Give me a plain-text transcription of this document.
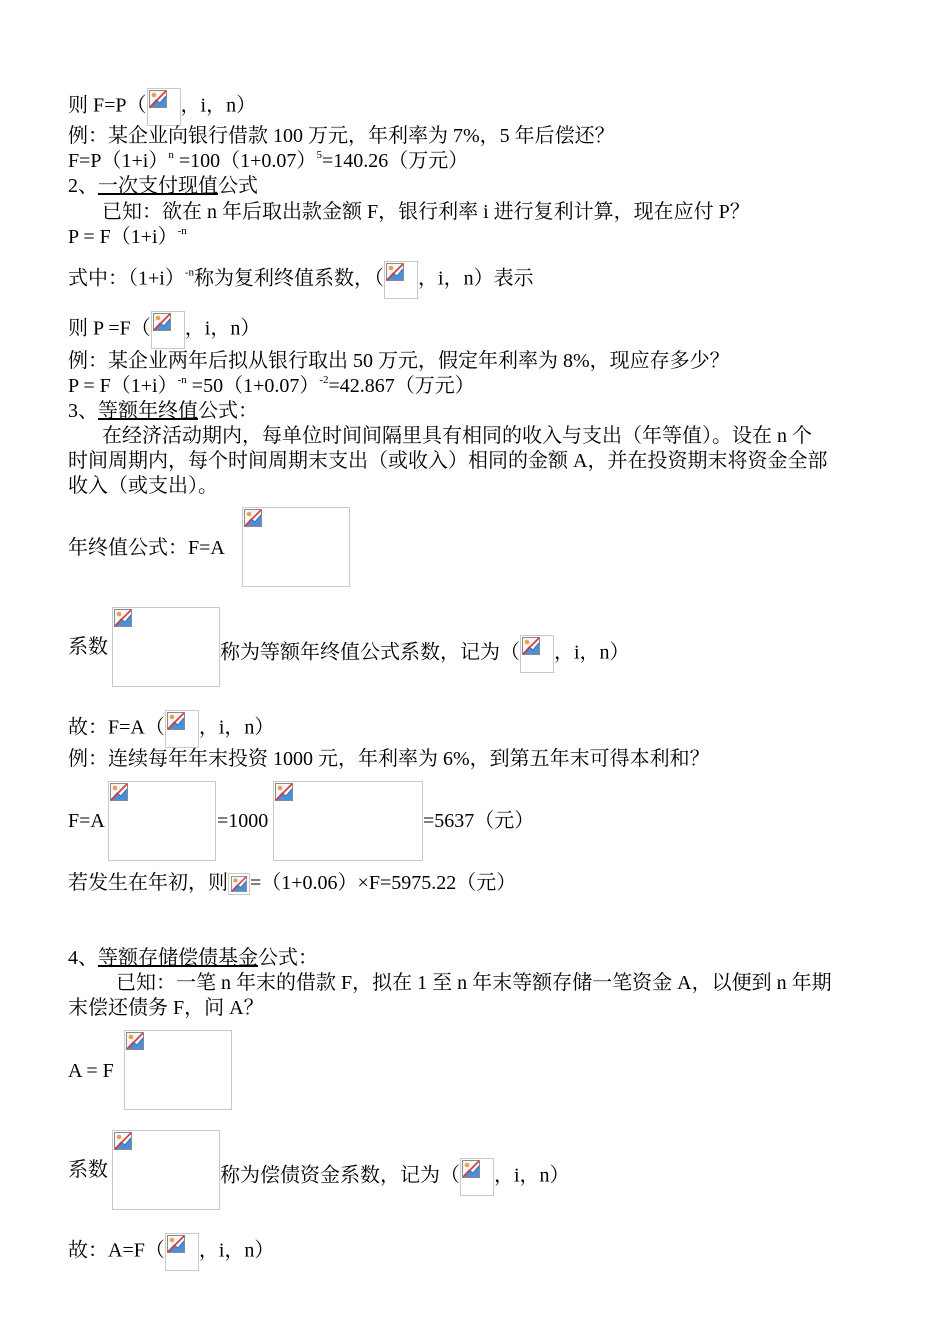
则 F=P（ ，i，n）
例：某企业向银行借款 100 万元，年利率为 7%，5 年后偿还？
$F=P(1+i)^n =100(1+0.07)^5=140.26$（万元）
2、一次支付现值公式
已知：欲在 n 年后取出款金额 F，银行利率 i 进行复利计算，现在应付 P？
$P = F(1+i)^{-n}$
式中：$(1+i)^{-n}$称为复利终值系数，（ ，i，n）表示
则 P =F（ ，i，n）
例：某企业两年后拟从银行取出 50 万元，假定年利率为 8%，现应存多少？
$P = F(1+i)^{-n} =50(1+0.07)^{-2}=42.867$（万元）
3、等额年终值公式：
在经济活动期内，每单位时间间隔里具有相同的收入与支出（年等值）。设在 n 个
时间周期内，每个时间周期末支出（或收入）相同的金额 A，并在投资期末将资金全部
收入（或支出）。
年终值公式：F=A
系数	称为等额年终值公式系数，记为（ ，i，n）
故：F=A（ ，i，n）
例：连续每年年末投资 1000 元，年利率为 6%，到第五年末可得本利和？
F=A	=1000	=5637（元）
若发生在年初，则 =（1+0.06）×F=5975.22（元）
4、等额存储偿债基金公式：
已知：一笔 n 年末的借款 F，拟在 1 至 n 年末等额存储一笔资金 A，以便到 n 年期
末偿还债务 F，问 A？
A = F
系数	称为偿债资金系数，记为（ ，i，n）
故：A=F（ ，i，n）
